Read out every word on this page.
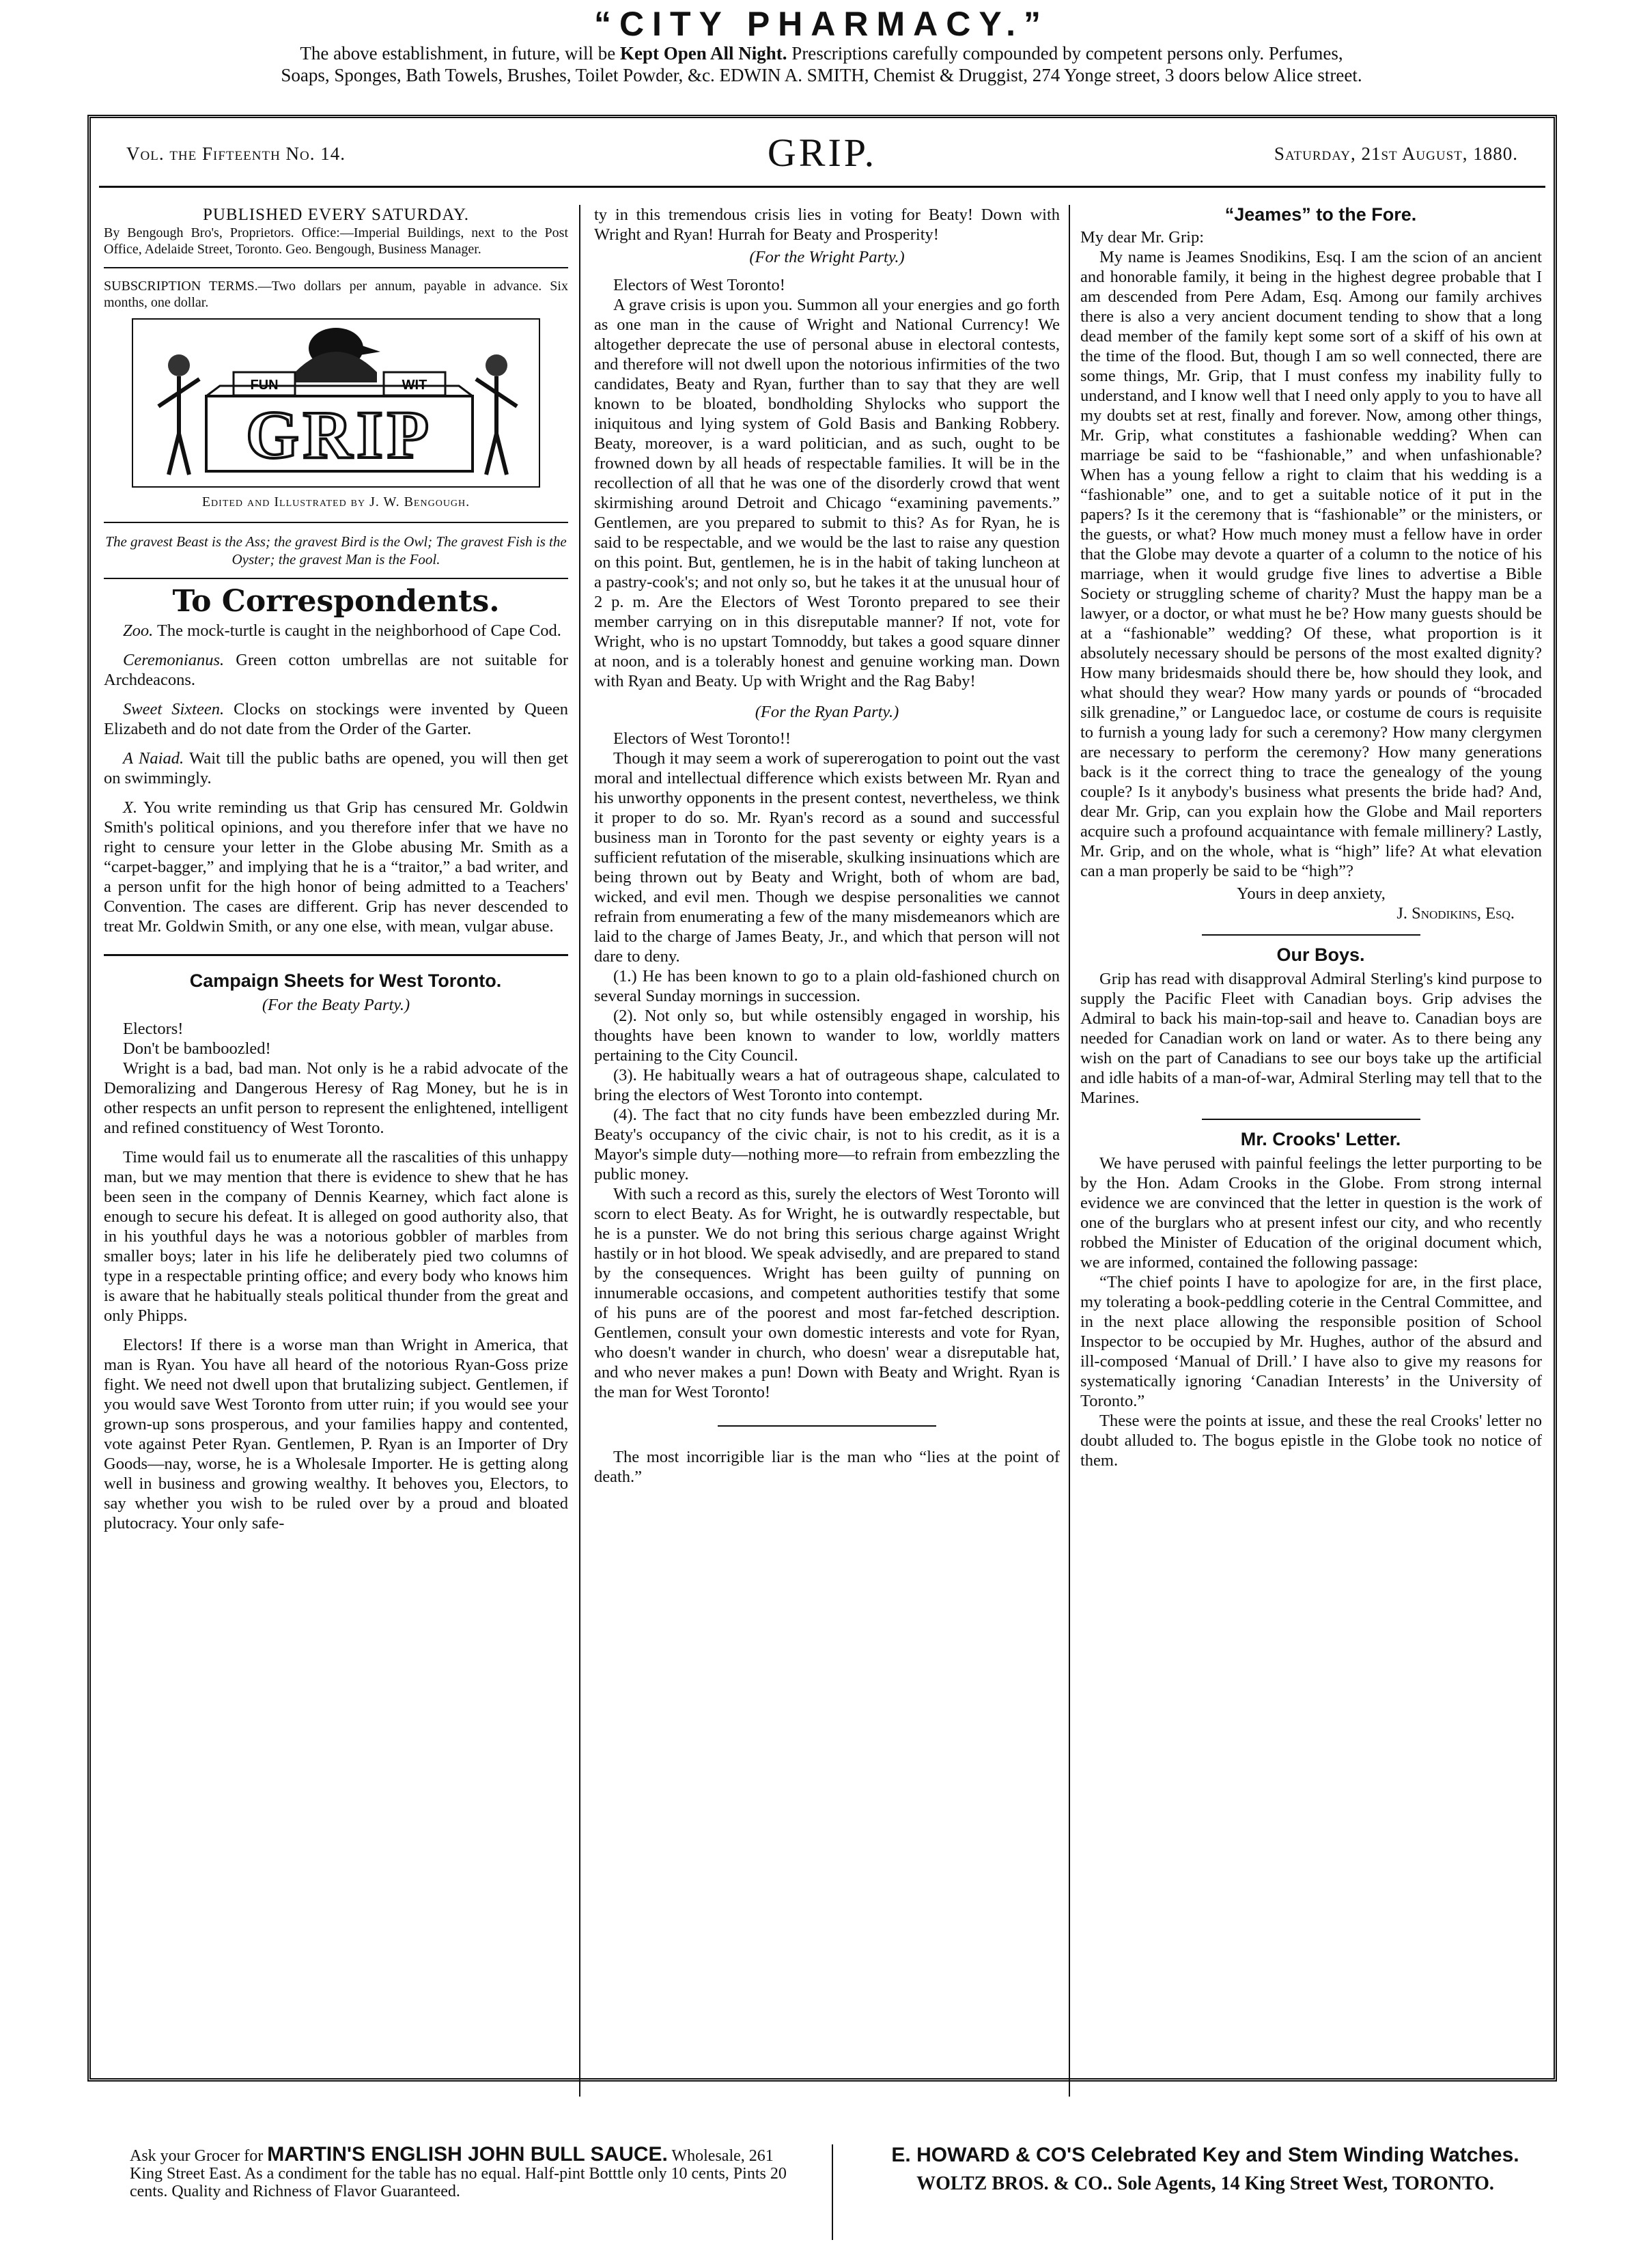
“CITY PHARMACY.”
The above establishment, in future, will be Kept Open All Night. Prescriptions carefully compounded by competent persons only. Perfumes,
Soaps, Sponges, Bath Towels, Brushes, Toilet Powder, &c. EDWIN A. SMITH, Chemist & Druggist, 274 Yonge street, 3 doors below Alice street.
Vol. the Fifteenth No. 14.	GRIP.	Saturday, 21st August, 1880.

PUBLISHED EVERY SATURDAY.

By Bengough Bro's, Proprietors. Office:—Imperial Buildings, next to the Post Office, Adelaide Street, Toronto. Geo. Bengough, Business Manager.

SUBSCRIPTION TERMS.—Two dollars per annum, payable in advance. Six months, one dollar.

FUN	WIT
GRIP
Edited and Illustrated by J. W. Bengough.

The gravest Beast is the Ass; the gravest Bird is the Owl; The gravest Fish is the Oyster; the gravest Man is the Fool.

To Correspondents.

Zoo. The mock-turtle is caught in the neighborhood of Cape Cod.

Ceremonianus. Green cotton umbrellas are not suitable for Archdeacons.

Sweet Sixteen. Clocks on stockings were invented by Queen Elizabeth and do not date from the Order of the Garter.

A Naiad. Wait till the public baths are opened, you will then get on swimmingly.

X. You write reminding us that Grip has censured Mr. Goldwin Smith's political opinions, and you therefore infer that we have no right to censure your letter in the Globe abusing Mr. Smith as a “carpet-bagger,” and implying that he is a “traitor,” a bad writer, and a person unfit for the high honor of being admitted to a Teachers' Convention. The cases are different. Grip has never descended to treat Mr. Goldwin Smith, or any one else, with mean, vulgar abuse.

Campaign Sheets for West Toronto.

(For the Beaty Party.)

Electors!

Don't be bamboozled!

Wright is a bad, bad man. Not only is he a rabid advocate of the Demoralizing and Dangerous Heresy of Rag Money, but he is in other respects an unfit person to represent the enlightened, intelligent and refined constituency of West Toronto.

Time would fail us to enumerate all the rascalities of this unhappy man, but we may mention that there is evidence to shew that he has been seen in the company of Dennis Kearney, which fact alone is enough to secure his defeat. It is alleged on good authority also, that in his youthful days he was a notorious gobbler of marbles from smaller boys; later in his life he deliberately pied two columns of type in a respectable printing office; and every body who knows him is aware that he habitually steals political thunder from the great and only Phipps.

Electors! If there is a worse man than Wright in America, that man is Ryan. You have all heard of the notorious Ryan-Goss prize fight. We need not dwell upon that brutalizing subject. Gentlemen, if you would save West Toronto from utter ruin; if you would see your grown-up sons prosperous, and your families happy and contented, vote against Peter Ryan. Gentlemen, P. Ryan is an Importer of Dry Goods—nay, worse, he is a Wholesale Importer. He is getting along well in business and growing wealthy. It behoves you, Electors, to say whether you wish to be ruled over by a proud and bloated plutocracy. Your only safe-

ty in this tremendous crisis lies in voting for Beaty! Down with Wright and Ryan! Hurrah for Beaty and Prosperity!

(For the Wright Party.)

Electors of West Toronto!

A grave crisis is upon you. Summon all your energies and go forth as one man in the cause of Wright and National Currency! We altogether deprecate the use of personal abuse in electoral contests, and therefore will not dwell upon the notorious infirmities of the two candidates, Beaty and Ryan, further than to say that they are well known to be bloated, bondholding Shylocks who support the iniquitous and lying system of Gold Basis and Banking Robbery. Beaty, moreover, is a ward politician, and as such, ought to be frowned down by all heads of respectable families. It will be in the recollection of all that he was one of the disorderly crowd that went skirmishing around Detroit and Chicago “examining pavements.” Gentlemen, are you prepared to submit to this? As for Ryan, he is said to be respectable, and we would be the last to raise any question on this point. But, gentlemen, he is in the habit of taking luncheon at a pastry-cook's; and not only so, but he takes it at the unusual hour of 2 p. m. Are the Electors of West Toronto prepared to see their member carrying on in this disreputable manner? If not, vote for Wright, who is no upstart Tomnoddy, but takes a good square dinner at noon, and is a tolerably honest and genuine working man. Down with Ryan and Beaty. Up with Wright and the Rag Baby!

(For the Ryan Party.)

Electors of West Toronto!!

Though it may seem a work of supererogation to point out the vast moral and intellectual difference which exists between Mr. Ryan and his unworthy opponents in the present contest, nevertheless, we think it proper to do so. Mr. Ryan's record as a sound and successful business man in Toronto for the past seventy or eighty years is a sufficient refutation of the miserable, skulking insinuations which are being thrown out by Beaty and Wright, both of whom are bad, wicked, and evil men. Though we despise personalities we cannot refrain from enumerating a few of the many misdemeanors which are laid to the charge of James Beaty, Jr., and which that person will not dare to deny.

(1.) He has been known to go to a plain old-fashioned church on several Sunday mornings in succession.

(2). Not only so, but while ostensibly engaged in worship, his thoughts have been known to wander to low, worldly matters pertaining to the City Council.

(3). He habitually wears a hat of outrageous shape, calculated to bring the electors of West Toronto into contempt.

(4). The fact that no city funds have been embezzled during Mr. Beaty's occupancy of the civic chair, is not to his credit, as it is a Mayor's simple duty—nothing more—to refrain from embezzling the public money.

With such a record as this, surely the electors of West Toronto will scorn to elect Beaty. As for Wright, he is outwardly respectable, but he is a punster. We do not bring this serious charge against Wright hastily or in hot blood. We speak advisedly, and are prepared to stand by the consequences. Wright has been guilty of punning on innumerable occasions, and competent authorities testify that some of his puns are of the poorest and most far-fetched description. Gentlemen, consult your own domestic interests and vote for Ryan, who doesn't wander in church, who doesn' wear a disreputable hat, and who never makes a pun! Down with Beaty and Wright. Ryan is the man for West Toronto!

The most incorrigible liar is the man who “lies at the point of death.”

“Jeames” to the Fore.

My dear Mr. Grip:

My name is Jeames Snodikins, Esq. I am the scion of an ancient and honorable family, it being in the highest degree probable that I am descended from Pere Adam, Esq. Among our family archives there is also a very ancient document tending to show that a long dead member of the family kept some sort of a skiff of his own at the time of the flood. But, though I am so well connected, there are some things, Mr. Grip, that I must confess my inability fully to understand, and I know well that I need only apply to you to have all my doubts set at rest, finally and forever. Now, among other things, Mr. Grip, what constitutes a fashionable wedding? When can marriage be said to be “fashionable,” and when unfashionable? When has a young fellow a right to claim that his wedding is a “fashionable” one, and to get a suitable notice of it put in the papers? Is it the ceremony that is “fashionable” or the ministers, or the guests, or what? How much money must a fellow have in order that the Globe may devote a quarter of a column to the notice of his marriage, when it would grudge five lines to advertise a Bible Society or struggling scheme of charity? Must the happy man be a lawyer, or a doctor, or what must he be? How many guests should be at a “fashionable” wedding? Of these, what proportion is it absolutely necessary should be persons of the most exalted dignity? How many bridesmaids should there be, how should they look, and what should they wear? How many yards or pounds of “brocaded silk grenadine,” or Languedoc lace, or costume de cours is requisite to furnish a young lady for such a ceremony? How many clergymen are necessary to perform the ceremony? How many generations back is it the correct thing to trace the genealogy of the young couple? Is it anybody's business what presents the bride had? And, dear Mr. Grip, can you explain how the Globe and Mail reporters acquire such a profound acquaintance with female millinery? Lastly, Mr. Grip, and on the whole, what is “high” life? At what elevation can a man properly be said to be “high”?

Yours in deep anxiety,

J. Snodikins, Esq.

Our Boys.

Grip has read with disapproval Admiral Sterling's kind purpose to supply the Pacific Fleet with Canadian boys. Grip advises the Admiral to back his main-top-sail and heave to. Canadian boys are needed for Canadian work on land or water. As to there being any wish on the part of Canadians to see our boys take up the artificial and idle habits of a man-of-war, Admiral Sterling may tell that to the Marines.

Mr. Crooks' Letter.

We have perused with painful feelings the letter purporting to be by the Hon. Adam Crooks in the Globe. From strong internal evidence we are convinced that the letter in question is the work of one of the burglars who at present infest our city, and who recently robbed the Minister of Education of the original document which, we are informed, contained the following passage:

“The chief points I have to apologize for are, in the first place, my tolerating a book-peddling coterie in the Central Committee, and in the next place allowing the responsible position of School Inspector to be occupied by Mr. Hughes, author of the absurd and ill-composed ‘Manual of Drill.’ I have also to give my reasons for systematically ignoring ‘Canadian Interests’ in the University of Toronto.”

These were the points at issue, and these the real Crooks' letter no doubt alluded to. The bogus epistle in the Globe took no notice of them.

Ask your Grocer for MARTIN'S ENGLISH JOHN BULL SAUCE. Wholesale, 261 King Street East. As a condiment for the table has no equal. Half-pint Botttle only 10 cents, Pints 20 cents. Quality and Richness of Flavor Guaranteed.
E. HOWARD & CO'S Celebrated Key and Stem Winding Watches.
WOLTZ BROS. & CO.. Sole Agents, 14 King Street West, TORONTO.
